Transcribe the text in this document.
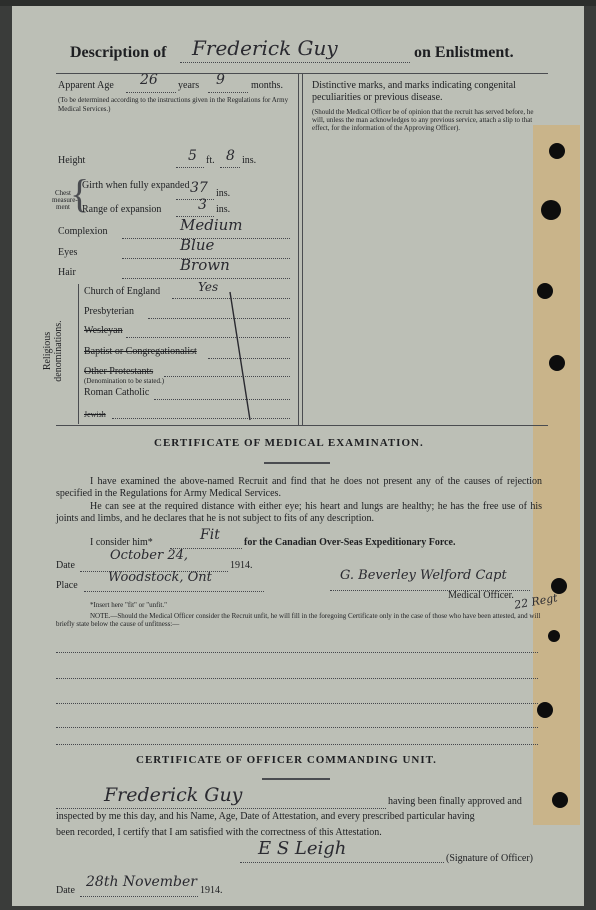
Description of Frederick Guy	on Enlistment.
Apparent Age 26 years 9	months.
(To be determined according to the instructions given in the Regulations for Army Medical Services.)
Distinctive marks, and marks indicating congenital peculiarities or previous disease.
(Should the Medical Officer be of opinion that the recruit has served before, he will, unless the man acknowledges to any previous service, attach a slip to that effect, for the information of the Approving Officer).
Height	5 ft. 8 ins.
Chest measure-ment {
Girth when fully expanded 37 ins.
Range of expansion	3 ins.
Complexion	Medium
Eyes	Blue
Hair	Brown
Religious denominations.
Church of England	Yes
Presbyterian
Wesleyan
Baptist or Congregationalist
Other Protestants
(Denomination to be stated.)
Roman Catholic
Jewish
CERTIFICATE OF MEDICAL EXAMINATION.
I have examined the above-named Recruit and find that he does not present any of the causes of rejection specified in the Regulations for Army Medical Services.
He can see at the required distance with either eye; his heart and lungs are healthy; he has the free use of his joints and limbs, and he declares that he is not subject to fits of any description.
I consider him*	Fit for the Canadian Over-Seas Expeditionary Force.
Date
October 24,
1914.
Place
Woodstock, Ont	G. Beverley Welford Capt
22 Regt
Medical Officer.
*Insert here "fit" or "unfit."
NOTE.—Should the Medical Officer consider the Recruit unfit, he will fill in the foregoing Certificate only in the case of those who have been attested, and will briefly state below the cause of unfitness:—
CERTIFICATE OF OFFICER COMMANDING UNIT.
Frederick Guy	having been finally approved and
inspected by me this day, and his Name, Age, Date of Attestation, and every prescribed particular having
been recorded, I certify that I am satisfied with the correctness of this Attestation.
E S Leigh	(Signature of Officer)
Date
28th November
1914.
